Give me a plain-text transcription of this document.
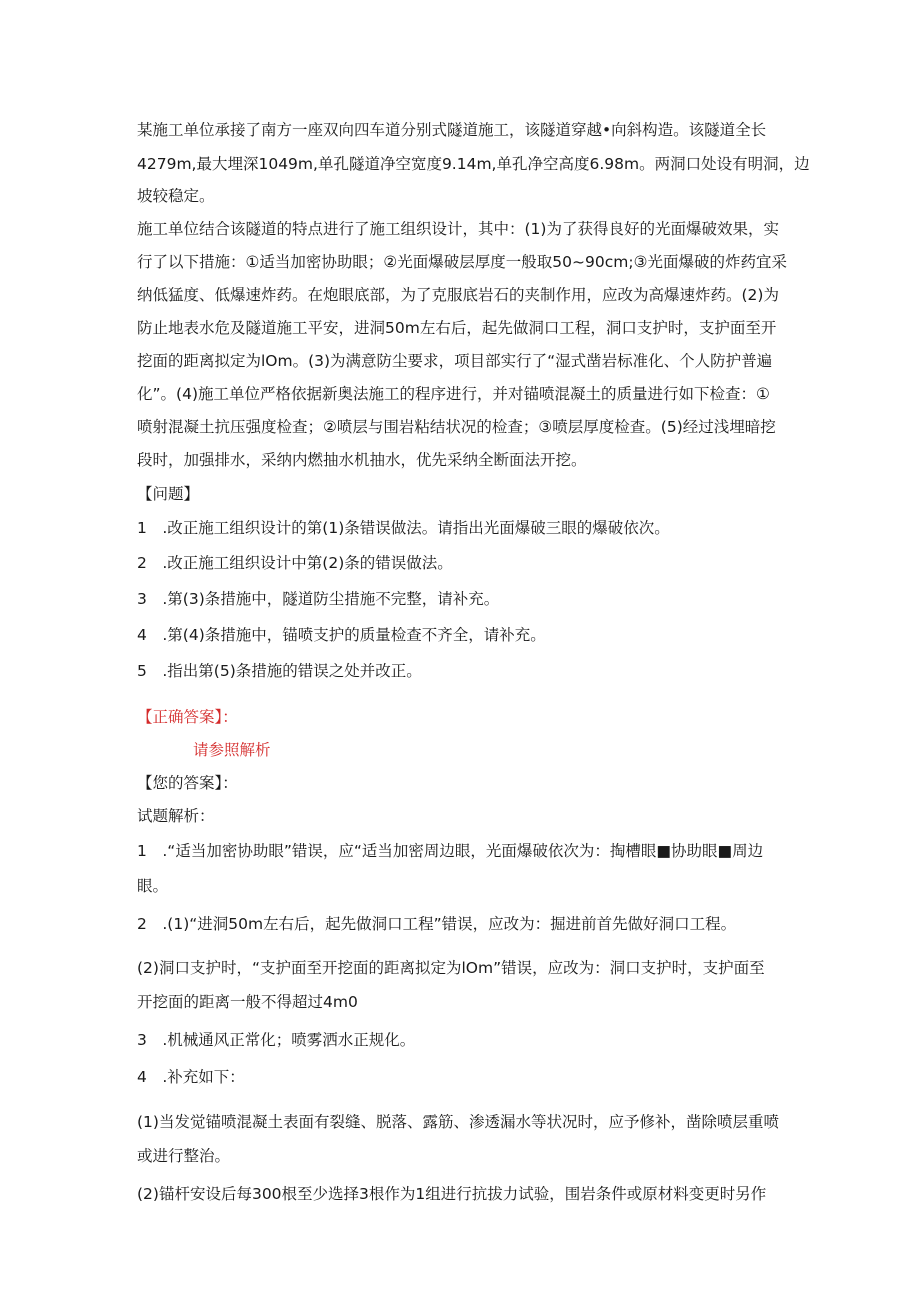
某施工单位承接了南方一座双向四车道分别式隧道施工，该隧道穿越•向斜构造。该隧道全长
4279m,最大埋深1049m,单孔隧道净空宽度9.14m,单孔净空高度6.98m。两洞口处设有明洞，边
坡较稳定。
施工单位结合该隧道的特点进行了施工组织设计，其中：(1)为了获得良好的光面爆破效果，实
行了以下措施：①适当加密协助眼；②光面爆破层厚度一般取50~90cm;③光面爆破的炸药宜采
纳低猛度、低爆速炸药。在炮眼底部，为了克服底岩石的夹制作用，应改为高爆速炸药。(2)为
防止地表水危及隧道施工平安，进洞50m左右后，起先做洞口工程，洞口支护时，支护面至开
挖面的距离拟定为lOm。(3)为满意防尘要求，项目部实行了“湿式凿岩标准化、个人防护普遍
化”。(4)施工单位严格依据新奥法施工的程序进行，并对锚喷混凝土的质量进行如下检查：①
喷射混凝土抗压强度检查；②喷层与围岩粘结状况的检查；③喷层厚度检查。(5)经过浅埋暗挖
段时，加强排水，采纳内燃抽水机抽水，优先采纳全断面法开挖。
【问题】
1　.改正施工组织设计的第(1)条错误做法。请指出光面爆破三眼的爆破依次。
2　.改正施工组织设计中第(2)条的错误做法。
3　.第(3)条措施中，隧道防尘措施不完整，请补充。
4　.第(4)条措施中，锚喷支护的质量检查不齐全，请补充。
5　.指出第(5)条措施的错误之处并改正。
【正确答案】：
请参照解析
【您的答案】：
试题解析：
1　.“适当加密协助眼”错误，应“适当加密周边眼，光面爆破依次为：掏槽眼■协助眼■周边
眼。
2　.(1)“进洞50m左右后，起先做洞口工程”错误，应改为：掘进前首先做好洞口工程。
(2)洞口支护时，“支护面至开挖面的距离拟定为lOm”错误，应改为：洞口支护时，支护面至
开挖面的距离一般不得超过4m0
3　.机械通风正常化；喷雾洒水正规化。
4　.补充如下：
(1)当发觉锚喷混凝土表面有裂缝、脱落、露筋、渗透漏水等状况时，应予修补，凿除喷层重喷
或进行整治。
(2)锚杆安设后每300根至少选择3根作为1组进行抗拔力试验，围岩条件或原材料变更时另作
